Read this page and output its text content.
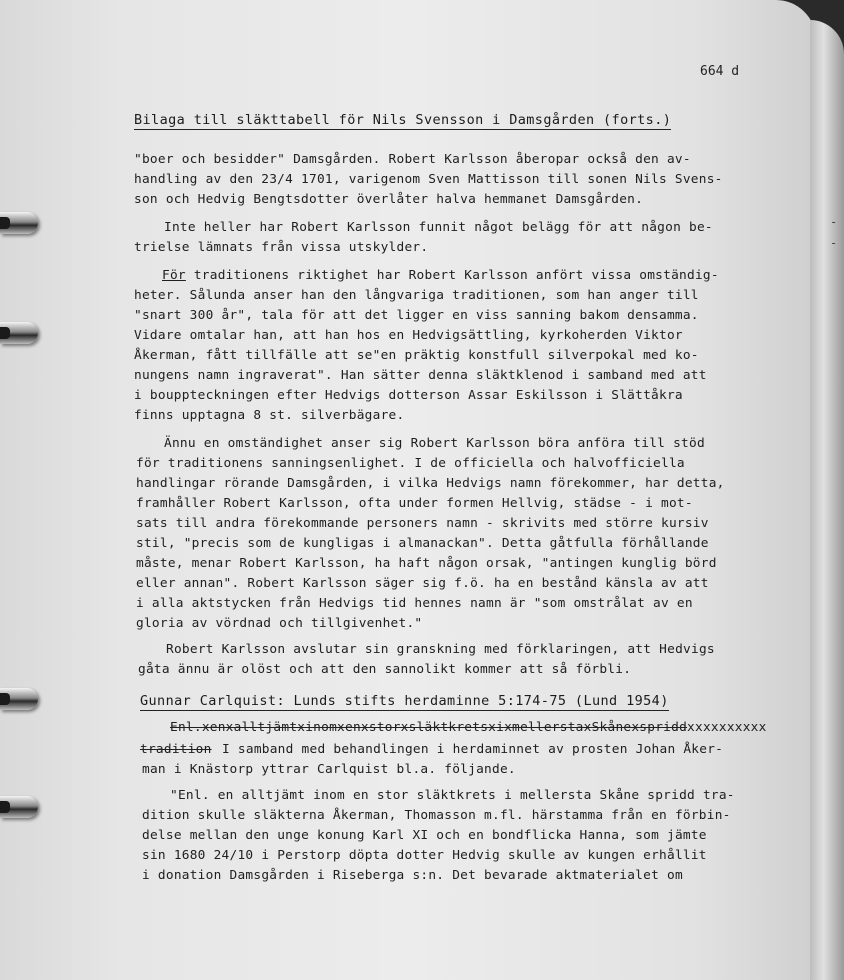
-
-
664 d
Bilaga till släkttabell för Nils Svensson i Damsgården (forts.)
"boer och besidder" Damsgården. Robert Karlsson åberopar också den av-
handling av den 23/4 1701, varigenom Sven Mattisson till sonen Nils Svens-
son och Hedvig Bengtsdotter överlåter halva hemmanet Damsgården.
Inte heller har Robert Karlsson funnit något belägg för att någon be-
trielse lämnats från vissa utskylder.
För traditionens riktighet har Robert Karlsson anfört vissa omständig-
heter. Sålunda anser han den långvariga traditionen, som han anger till
"snart 300 år", tala för att det ligger en viss sanning bakom densamma.
Vidare omtalar han, att han hos en Hedvigsättling, kyrkoherden Viktor
Åkerman, fått tillfälle att se"en präktig konstfull silverpokal med ko-
nungens namn ingraverat". Han sätter denna släktklenod i samband med att
i bouppteckningen efter Hedvigs dotterson Assar Eskilsson i Slättåkra
finns upptagna 8 st. silverbägare.
Ännu en omständighet anser sig Robert Karlsson böra anföra till stöd
för traditionens sanningsenlighet. I de officiella och halvofficiella
handlingar rörande Damsgården, i vilka Hedvigs namn förekommer, har detta,
framhåller Robert Karlsson, ofta under formen Hellvig, städse - i mot-
sats till andra förekommande personers namn - skrivits med större kursiv
stil, "precis som de kungligas i almanackan". Detta gåtfulla förhållande
måste, menar Robert Karlsson, ha haft någon orsak, "antingen kunglig börd
eller annan". Robert Karlsson säger sig f.ö. ha en bestånd känsla av att
i alla aktstycken från Hedvigs tid hennes namn är "som omstrålat av en
gloria av vördnad och tillgivenhet."
Robert Karlsson avslutar sin granskning med förklaringen, att Hedvigs
gåta ännu är olöst och att den sannolikt kommer att så förbli.
Gunnar Carlquist: Lunds stifts herdaminne 5:174-75 (Lund 1954)
Enl.xenxalltjämtxinomxenxstorxsläktkretsxixmellerstaxSkånexspriddxxxxxxxxxx
tradition I samband med behandlingen i herdaminnet av prosten Johan Åker-
man i Knästorp yttrar Carlquist bl.a. följande.
"Enl. en alltjämt inom en stor släktkrets i mellersta Skåne spridd tra-
dition skulle släkterna Åkerman, Thomasson m.fl. härstamma från en förbin-
delse mellan den unge konung Karl XI och en bondflicka Hanna, som jämte
sin 1680 24/10 i Perstorp döpta dotter Hedvig skulle av kungen erhållit
i donation Damsgården i Riseberga s:n. Det bevarade aktmaterialet om
